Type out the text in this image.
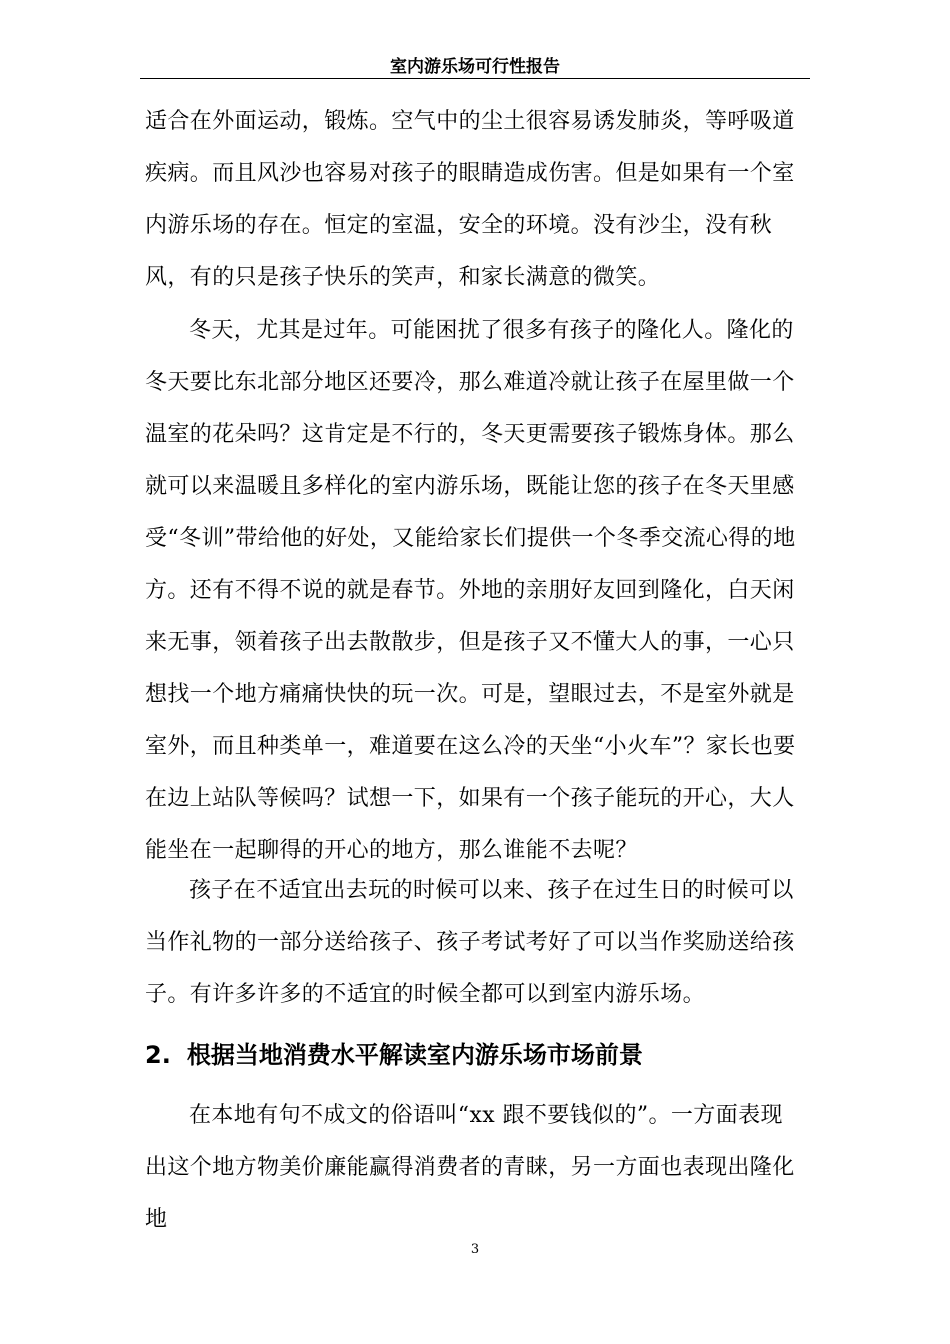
室内游乐场可行性报告

适合在外面运动，锻炼。空气中的尘土很容易诱发肺炎，等呼吸道疾病。而且风沙也容易对孩子的眼睛造成伤害。但是如果有一个室内游乐场的存在。恒定的室温，安全的环境。没有沙尘，没有秋风，有的只是孩子快乐的笑声，和家长满意的微笑。

冬天，尤其是过年。可能困扰了很多有孩子的隆化人。隆化的冬天要比东北部分地区还要冷，那么难道冷就让孩子在屋里做一个温室的花朵吗？这肯定是不行的，冬天更需要孩子锻炼身体。那么就可以来温暖且多样化的室内游乐场，既能让您的孩子在冬天里感受“冬训”带给他的好处，又能给家长们提供一个冬季交流心得的地方。还有不得不说的就是春节。外地的亲朋好友回到隆化，白天闲来无事，领着孩子出去散散步，但是孩子又不懂大人的事，一心只想找一个地方痛痛快快的玩一次。可是，望眼过去，不是室外就是室外，而且种类单一，难道要在这么冷的天坐“小火车”？家长也要在边上站队等候吗？试想一下，如果有一个孩子能玩的开心，大人能坐在一起聊得的开心的地方，那么谁能不去呢？

孩子在不适宜出去玩的时候可以来、孩子在过生日的时候可以当作礼物的一部分送给孩子、孩子考试考好了可以当作奖励送给孩子。有许多许多的不适宜的时候全都可以到室内游乐场。

2. 根据当地消费水平解读室内游乐场市场前景

在本地有句不成文的俗语叫“xx 跟不要钱似的”。一方面表现出这个地方物美价廉能赢得消费者的青睐，另一方面也表现出隆化地

3
